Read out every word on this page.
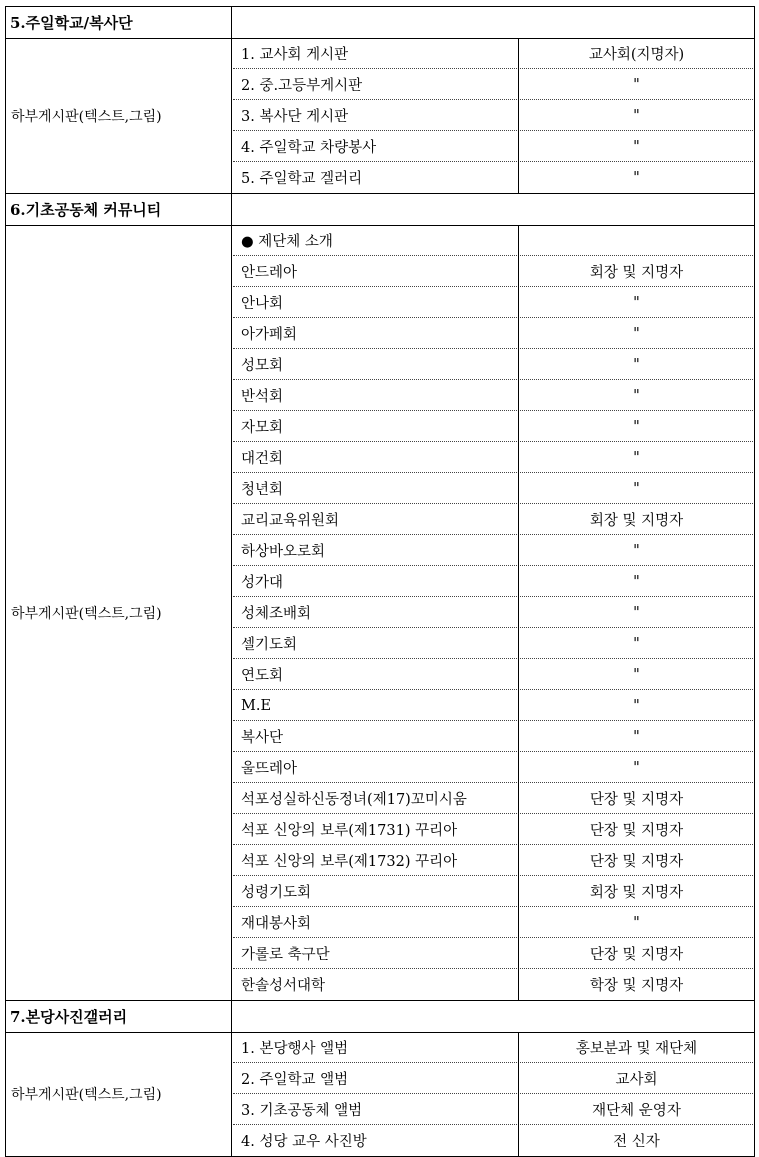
5.주일학교/복사단
하부게시판(텍스트,그림)
1. 교사회 게시판	교사회(지명자)
2. 중.고등부게시판	"
3. 복사단 게시판	"
4. 주일학교 차량봉사	"
5. 주일학교 겔러리	"
6.기초공동체 커뮤니티
하부게시판(텍스트,그림)
● 제단체 소개
안드레아	회장 및 지명자
안나회	"
아가페회	"
성모회	"
반석회	"
자모회	"
대건회	"
청년회	"
교리교육위원회	회장 및 지명자
하상바오로회	"
성가대	"
성체조배회	"
셀기도회	"
연도회	"
M.E	"
복사단	"
울뜨레아	"
석포성실하신동정녀(제17)꼬미시움	단장 및 지명자
석포 신앙의 보루(제1731) 꾸리아	단장 및 지명자
석포 신앙의 보루(제1732) 꾸리아	단장 및 지명자
성령기도회	회장 및 지명자
재대봉사회	"
가롤로 축구단	단장 및 지명자
한솔성서대학	학장 및 지명자
7.본당사진갤러리
하부게시판(텍스트,그림)
1. 본당행사 앨범	홍보분과 및 재단체
2. 주일학교 앨범	교사회
3. 기초공동체 앨범	재단체 운영자
4. 성당 교우 사진방	전 신자
